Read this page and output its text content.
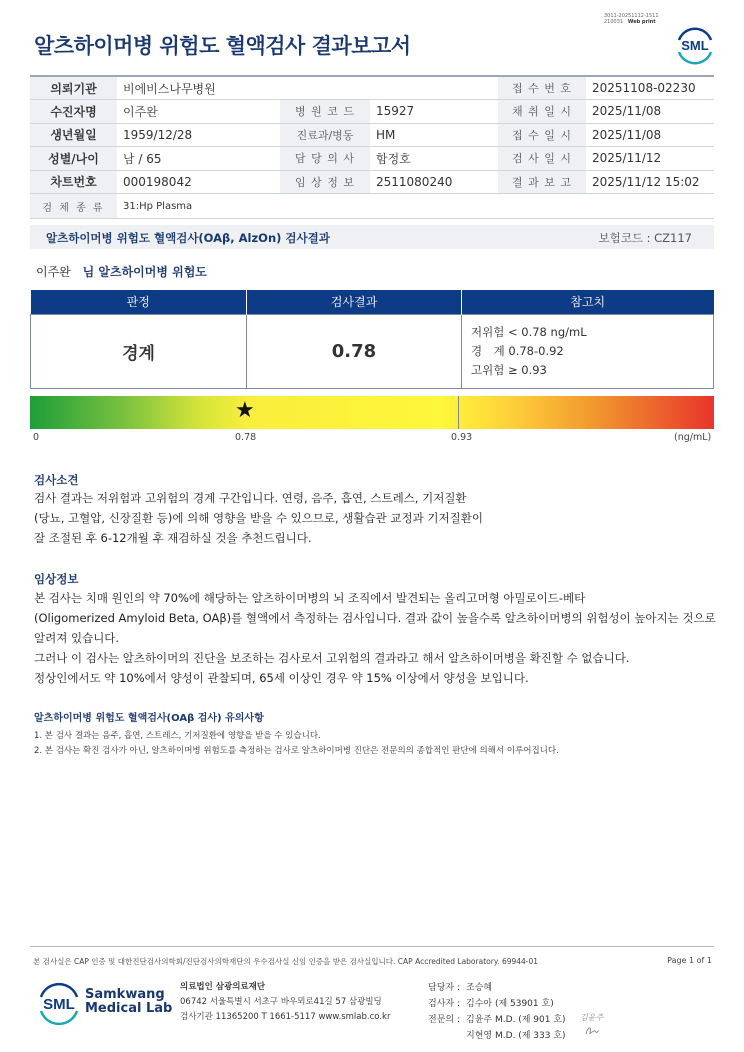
3011-20251112-1511
210031 Web print
알츠하이머병 위험도 혈액검사 결과보고서	SML
의뢰기관	비에비스나무병원			접 수 번 호	20251108-02230
수진자명	이주완	병 원 코 드	15927	채 취 일 시	2025/11/08
생년월일	1959/12/28	진료과/병동	HM	접 수 일 시	2025/11/08
성별/나이	남 / 65	담 당 의 사	함정호	검 사 일 시	2025/11/12
차트번호	000198042	임 상 정 보	2511080240	결 과 보 고	2025/11/12 15:02
검 체 종 류	31:Hp Plasma				
알츠하이머병 위험도 혈액검사(OAβ, AlzOn) 검사결과	보험코드 : CZ117
이주완 님 알츠하이머병 위험도
판정	검사결과	참고치
경계	0.78	저위험 < 0.78 ng/mL
경　계 0.78-0.92
고위험 ≥ 0.93
★
0	0.78	0.93	(ng/mL)
검사소견
검사 결과는 저위험과 고위험의 경계 구간입니다. 연령, 음주, 흡연, 스트레스, 기저질환
(당뇨, 고혈압, 신장질환 등)에 의해 영향을 받을 수 있으므로, 생활습관 교정과 기저질환이
잘 조절된 후 6-12개월 후 재검하실 것을 추천드립니다.
임상정보
본 검사는 치매 원인의 약 70%에 해당하는 알츠하이머병의 뇌 조직에서 발견되는 올리고머형 아밀로이드-베타
(Oligomerized Amyloid Beta, OAβ)를 혈액에서 측정하는 검사입니다. 결과 값이 높을수록 알츠하이머병의 위험성이 높아지는 것으로
알려져 있습니다.
그러나 이 검사는 알츠하이머의 진단을 보조하는 검사로서 고위험의 결과라고 해서 알츠하이머병을 확진할 수 없습니다.
정상인에서도 약 10%에서 양성이 관찰되며, 65세 이상인 경우 약 15% 이상에서 양성을 보입니다.
알츠하이머병 위험도 혈액검사(OAβ 검사) 유의사항
1. 본 검사 결과는 음주, 흡연, 스트레스, 기저질환에 영향을 받을 수 있습니다.
2. 본 검사는 확진 검사가 아닌, 알츠하이머병 위험도를 측정하는 검사로 알츠하이머병 진단은 전문의의 종합적인 판단에 의해서 이루어집니다.
본 검사실은 CAP 인증 및 대한진단검사의학회/진단검사의학재단의 우수검사실 신임 인증을 받은 검사실입니다. CAP Accredited Laboratory. 69944-01	Page 1 of 1
SML
Samkwang
Medical Lab
의료법인 삼광의료재단
06742 서울특별시 서초구 바우뫼로41길 57 삼광빌딩
검사기관 11365200 T 1661-5117 www.smlab.co.kr
담당자 : 조승혜
검사자 : 김수아 (제 53901 호)
전문의 : 김윤주 M.D. (제 901 호)
지현영 M.D. (제 333 호)
김윤주
